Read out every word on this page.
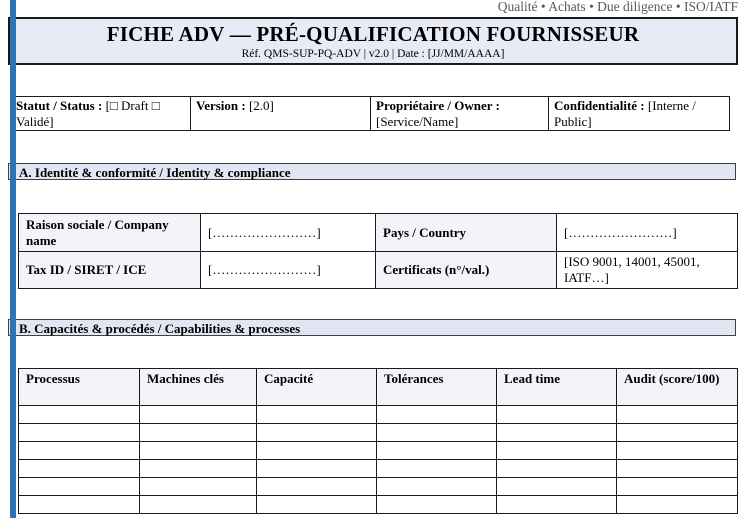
Qualité • Achats • Due diligence • ISO/IATF
FICHE ADV — PRÉ-QUALIFICATION FOURNISSEUR
Réf. QMS-SUP-PQ-ADV | v2.0 | Date : [JJ/MM/AAAA]
Statut / Status : [□ Draft □ Validé]	Version : [2.0]	Propriétaire / Owner : [Service/Name]	Confidentialité : [Interne / Public]
A. Identité & conformité / Identity & compliance
Raison sociale / Company name	[……………………]	Pays / Country	[……………………]
Tax ID / SIRET / ICE	[……………………]	Certificats (n°/val.)	[ISO 9001, 14001, 45001, IATF…]
B. Capacités & procédés / Capabilities & processes
Processus	Machines clés	Capacité	Tolérances	Lead time	Audit (score/100)
